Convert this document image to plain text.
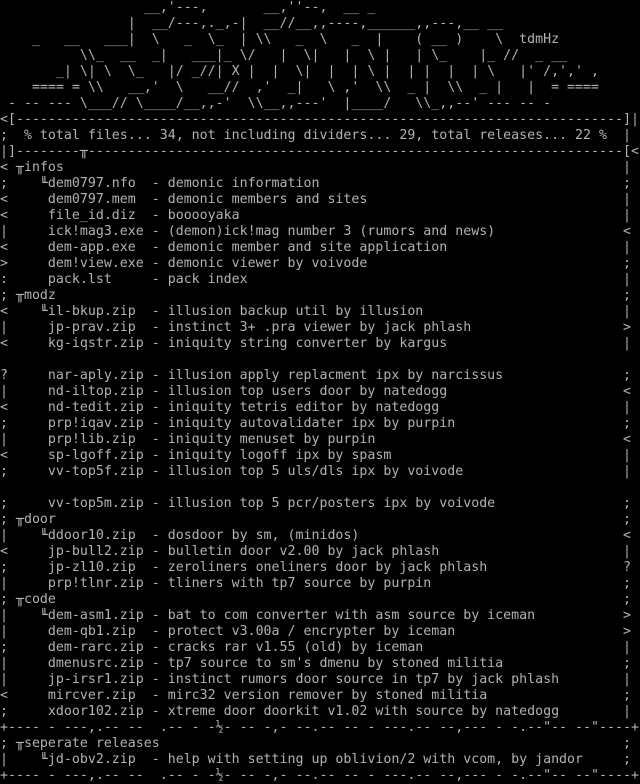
__,'---,       __,''--,  __ _
|  __/---,._,-|  __//__,,----,______,,---,__ __
_   __   ___|  \   _  \_  | \\   _  \   _  |    ( __ )    \  tdmHz
\\_  __  _|   ___|_ \/   |  \|   |  \ |   | \_    |_ //  _ __
_| \| \  \_   |/ _//| X |  |  \|  |  | \ |  | |  |  | \   |' /,',' ,
==== = \\   __,'  \   __//  ,'  _|   \ ,'  \\  _ |  \\  _ |   |  = ====
- -- --- \___// \____/__,,-'  \\__,,---'  |____/   \\_,,--' --- -- -
<[----------------------------------------------------------------------------]|
;  % total files... 34, not including dividers... 29, total releases... 22 %  |
|]--------╥-------------------------------------------------------------------[<
< ╥infos                                                                      |
;    ╙dem0797.nfo  - demonic information                                      ;
<     dem0797.mem  - demonic members and sites                                |
<     file_id.diz  - booooyaka                                                |
|     ick!mag3.exe - (demon)ick!mag number 3 (rumors and news)                <
<     dem-app.exe  - demonic member and site application                      |
>     dem!view.exe - demonic viewer by voivode                                ;
:     pack.lst     - pack index                                               |
; ╥modz                                                                       ;
<    ╙il-bkup.zip  - illusion backup util by illusion                         |
|     jp-prav.zip  - instinct 3+ .pra viewer by jack phlash                   >
<     kg-iqstr.zip - iniquity string converter by kargus                      |

?     nar-aply.zip - illusion apply replacment ipx by narcissus               ;
|     nd-iltop.zip - illusion top users door by natedogg                      <
<     nd-tedit.zip - iniquity tetris editor by natedogg                       |
;     prp!iqav.zip - iniquity autovalidater ipx by purpin                     ;
|     prp!lib.zip  - iniquity menuset by purpin                               <
<     sp-lgoff.zip - iniquity logoff ipx by spasm                             |
;     vv-top5f.zip - illusion top 5 uls/dls ipx by voivode                    |

;     vv-top5m.zip - illusion top 5 pcr/posters ipx by voivode                ;
; ╥door                                                                       ;
|    ╙ddoor10.zip  - dosdoor by sm, (minidos)                                 <
<     jp-bull2.zip - bulletin door v2.00 by jack phlash                       |
;     jp-zl10.zip  - zeroliners oneliners door by jack phlash                 ?
|     prp!tlnr.zip - tliners with tp7 source by purpin                        ;
; ╥code                                                                       ;
|    ╙dem-asm1.zip - bat to com converter with asm source by iceman           >
|     dem-qb1.zip  - protect v3.00a / encrypter by iceman                     >
;     dem-rarc.zip - cracks rar v1.55 (old) by iceman                         |
|     dmenusrc.zip - tp7 source to sm's dmenu by stoned militia               ;
|     jp-irsr1.zip - instinct rumors door source in tp7 by jack phlash        |
<     mircver.zip  - mirc32 version remover by stoned militia                 ;
;     xdoor102.zip - xtreme door doorkit v1.02 with source by natedogg        |
+---- - ---,.-- --  .-- - -½- -- -,- --.-- -- - ---.-- --,--- - -.--"-- --"----+
; ╥seperate releases                                                          ;
|    ╙jd-obv2.zip  - help with setting up oblivion/2 with vcom, by jandor     ;
+---- - ---,.-- --  .-- - -½- -- -,- --.-- -- - ---.-- --,--- - -.--"-- --"----+
